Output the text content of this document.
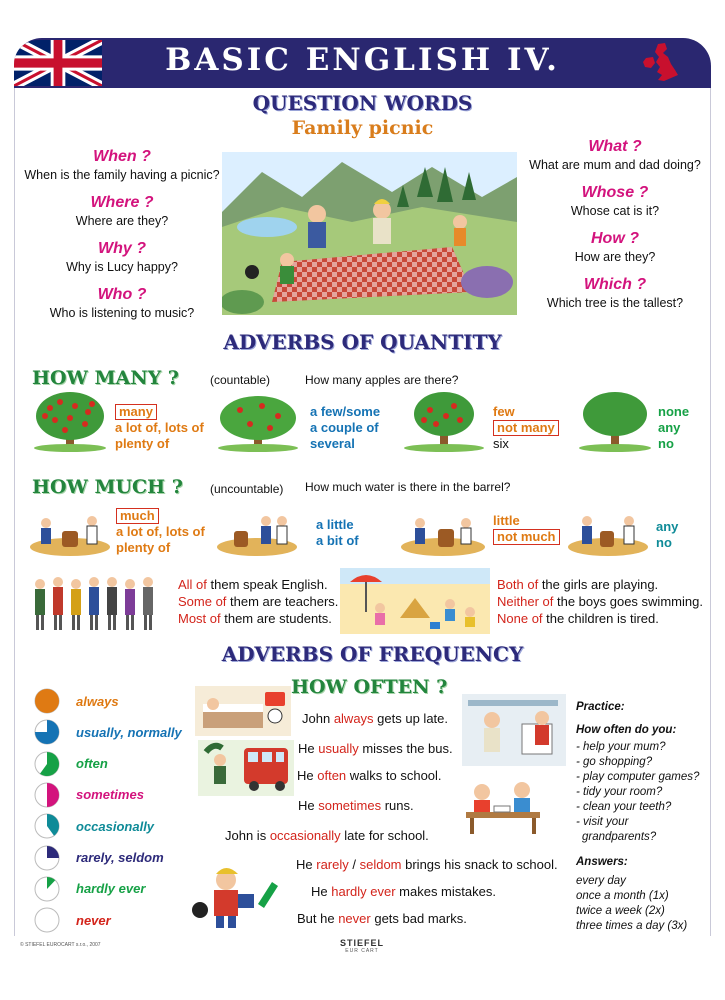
BASIC ENGLISH IV.
QUESTION WORDS
Family picnic
When ?
When is the family having a picnic?
Where ?
Where are they?
Why ?
Why is Lucy happy?
Who ?
Who is listening to music?
What ?
What are mum and dad doing?
Whose ?
Whose cat is it?
How ?
How are they?
Which ?
Which tree is the tallest?
ADVERBS OF QUANTITY
HOW MANY ?	(countable)	How many apples are there?
many
a lot of, lots of
plenty of
a few/some
a couple of
several
few
not many
six
none
any
no
HOW MUCH ? (uncountable) How much water is there in the barrel?
much
a lot of, lots of
plenty of
a little
a bit of
little
not much
any
no
All of them speak English.
Some of them are teachers.
Most of them are students.
Both of the girls are playing.
Neither of the boys goes swimming.
None of the children is tired.
ADVERBS OF FREQUENCY
HOW OFTEN ?
always
usually, normally
often
sometimes
occasionally
rarely, seldom
hardly ever
never
John always gets up late.
He usually misses the bus.
He often walks to school.
He sometimes runs.
John is occasionally late for school.
He rarely / seldom brings his snack to school.
He hardly ever makes mistakes.
But he never gets bad marks.
Practice:
How often do you:
- help your mum?
- go shopping?
- play computer games?
- tidy your room?
- clean your teeth?
- visit your
grandparents?
Answers:
every day
once a month (1x)
twice a week (2x)
three times a day (3x)
© STIEFEL EUROCART s.r.o., 2007	STIEFEL
EUR CART
